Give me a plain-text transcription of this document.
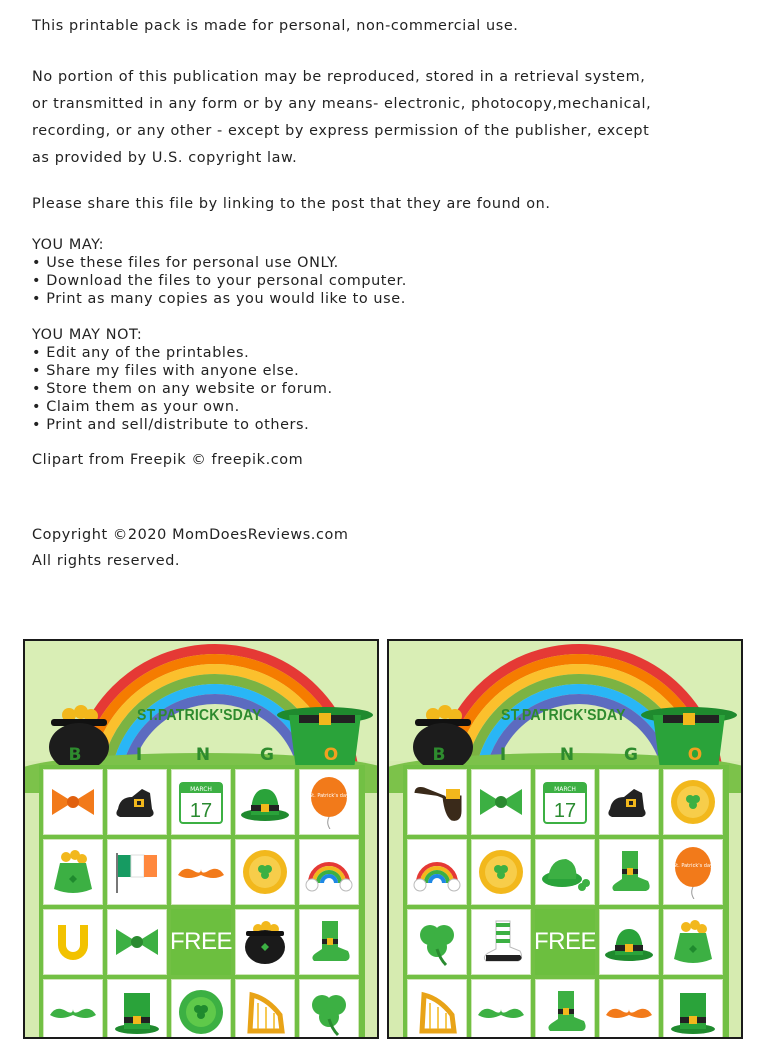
This printable pack is made for personal, non-commercial use.

No portion of this publication may be reproduced, stored in a retrieval system,

or transmitted in any form or by any means- electronic, photocopy,mechanical,

recording, or any other - except by express permission of the publisher, except

as provided by U.S. copyright law.

Please share this file by linking to the post that they are found on.

YOU MAY:

• Use these files for personal use ONLY.

• Download the files to your personal computer.

• Print as many copies as you would like to use.

YOU MAY NOT:

• Edit any of the printables.

• Share my files with anyone else.

• Store them on any website or forum.

• Claim them as your own.

• Print and sell/distribute to others.

Clipart from Freepik © freepik.com

Copyright ©2020 MomDoesReviews.com

All rights reserved.

ST.PATRICK'SDAY
B	I	N	G	O
MARCH
17
St. Patrick's day
FREE
ST.PATRICK'SDAY
B	I	N	G	O
MARCH
17
St. Patrick's day
FREE
